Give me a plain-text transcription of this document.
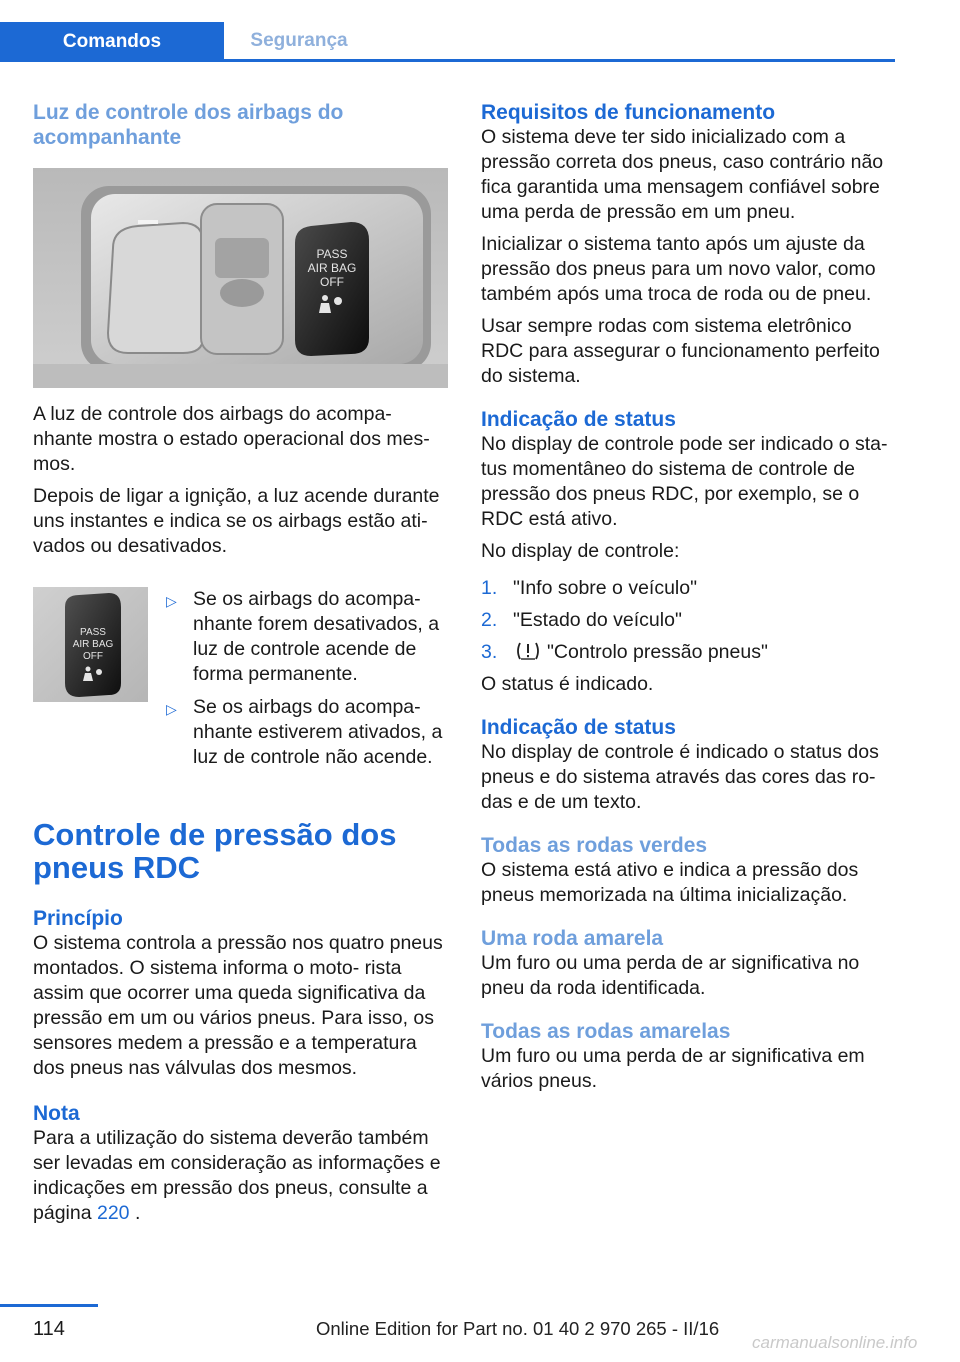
Comandos	Segurança
Luz de controle dos airbags do acompanhante
PASS
AIR BAG
OFF

A luz de controle dos airbags do acompa‐ nhante mostra o estado operacional dos mes‐ mos.

Depois de ligar a ignição, a luz acende durante uns instantes e indica se os airbags estão ati‐ vados ou desativados.

PASS
AIR BAG
OFF
▷ Se os airbags do acompa‐ nhante forem desativados, a luz de controle acende de forma permanente.
▷ Se os airbags do acompa‐ nhante estiverem ativados, a luz de controle não acende.
Controle de pressão dos pneus RDC
Princípio

O sistema controla a pressão nos quatro pneus montados. O sistema informa o moto‐ rista assim que ocorrer uma queda significativa da pressão em um ou vários pneus. Para isso, os sensores medem a pressão e a temperatura dos pneus nas válvulas dos mesmos.

Nota

Para a utilização do sistema deverão também ser levadas em consideração as informações e indicações em pressão dos pneus, consulte a página 220 .

Requisitos de funcionamento

O sistema deve ter sido inicializado com a pressão correta dos pneus, caso contrário não fica garantida uma mensagem confiável sobre uma perda de pressão em um pneu.

Inicializar o sistema tanto após um ajuste da pressão dos pneus para um novo valor, como também após uma troca de roda ou de pneu.

Usar sempre rodas com sistema eletrônico RDC para assegurar o funcionamento perfeito do sistema.

Indicação de status

No display de controle pode ser indicado o sta‐ tus momentâneo do sistema de controle de pressão dos pneus RDC, por exemplo, se o RDC está ativo.

No display de controle:

1. "Info sobre o veículo"
2. "Estado do veículo"
3.	"Controlo pressão pneus"

O status é indicado.

Indicação de status

No display de controle é indicado o status dos pneus e do sistema através das cores das ro‐ das e de um texto.

Todas as rodas verdes

O sistema está ativo e indica a pressão dos pneus memorizada na última inicialização.

Uma roda amarela

Um furo ou uma perda de ar significativa no pneu da roda identificada.

Todas as rodas amarelas

Um furo ou uma perda de ar significativa em vários pneus.

114	Online Edition for Part no. 01 40 2 970 265 - II/16
carmanualsonline.info
